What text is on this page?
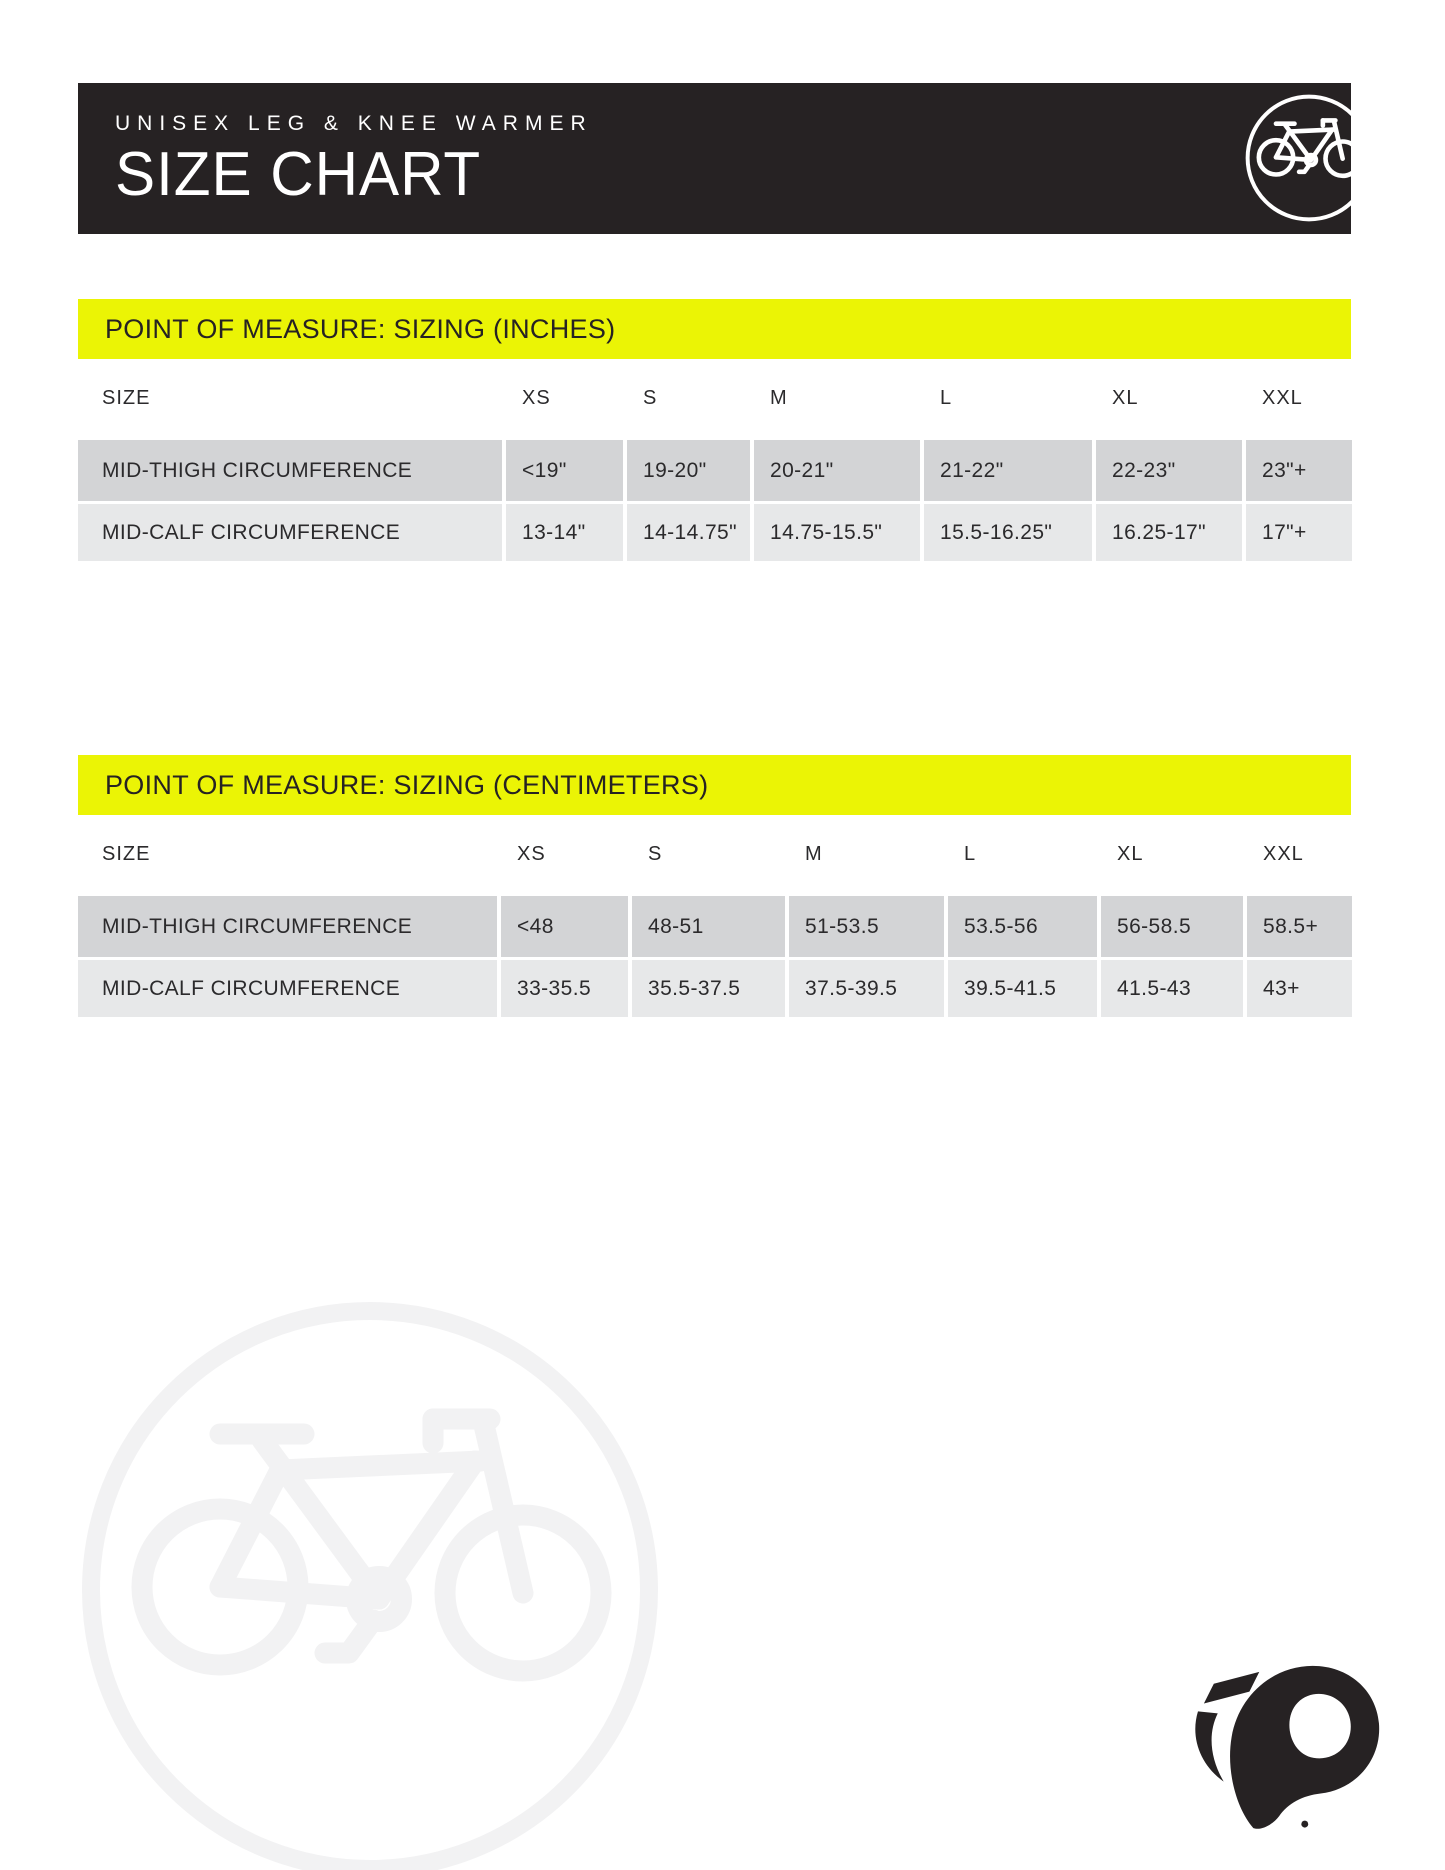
UNISEX LEG & KNEE WARMER
SIZE CHART
POINT OF MEASURE: SIZING (INCHES)
SIZE	XS	S	M	L	XL	XXL
MID-THIGH CIRCUMFERENCE	<19"	19-20"	20-21"	21-22"	22-23"	23"+
MID-CALF CIRCUMFERENCE	13-14"	14-14.75"	14.75-15.5"	15.5-16.25"	16.25-17"	17"+
POINT OF MEASURE: SIZING (CENTIMETERS)
SIZE	XS	S	M	L	XL	XXL
MID-THIGH CIRCUMFERENCE	<48	48-51	51-53.5	53.5-56	56-58.5	58.5+
MID-CALF CIRCUMFERENCE	33-35.5	35.5-37.5	37.5-39.5	39.5-41.5	41.5-43	43+
